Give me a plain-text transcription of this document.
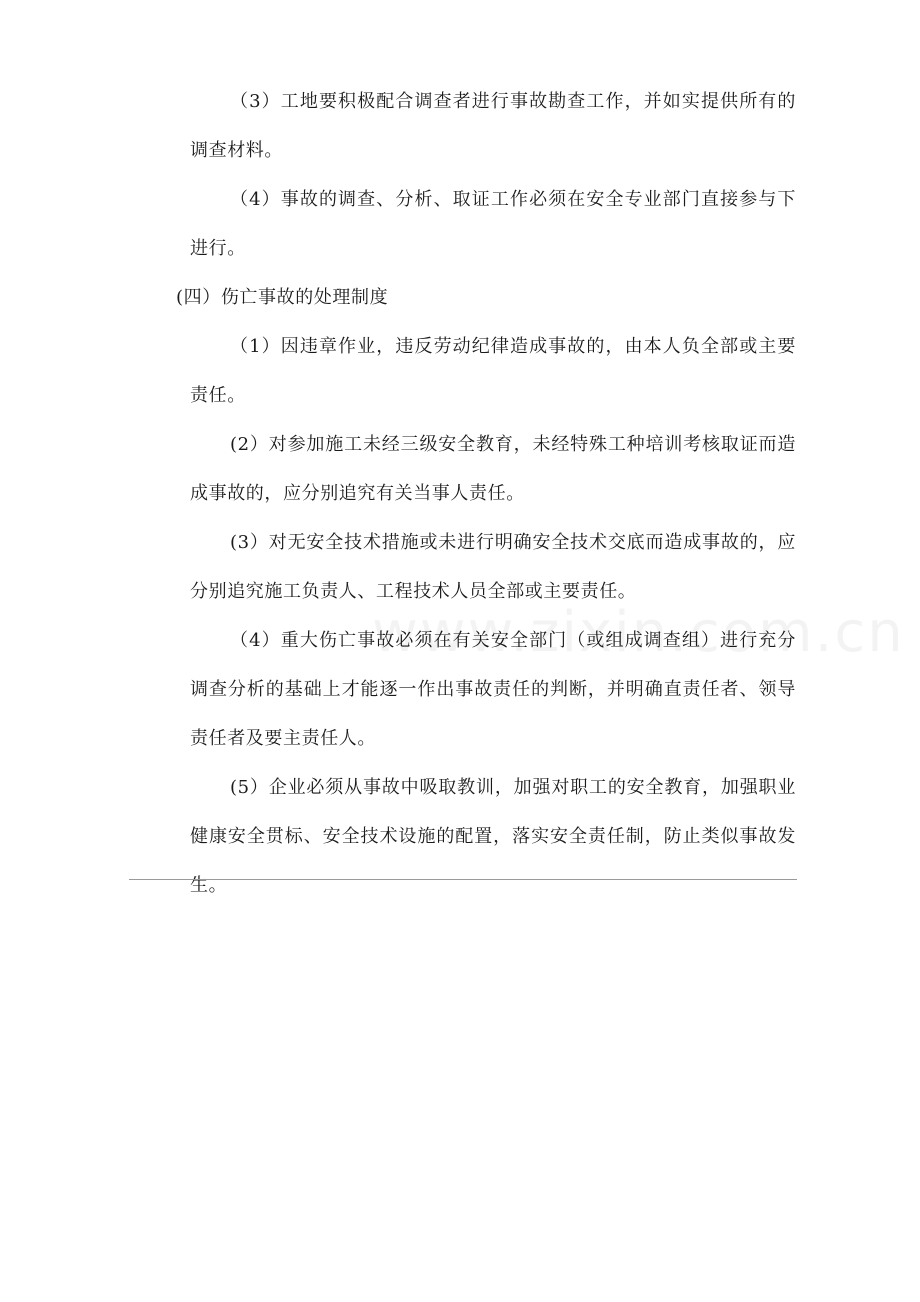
（3）工地要积极配合调查者进行事故勘查工作，并如实提供所有的调查材料。

（4）事故的调查、分析、取证工作必须在安全专业部门直接参与下进行。

(四）伤亡事故的处理制度

（1）因违章作业，违反劳动纪律造成事故的，由本人负全部或主要责任。

(2）对参加施工未经三级安全教育，未经特殊工种培训考核取证而造成事故的，应分别追究有关当事人责任。

(3）对无安全技术措施或未进行明确安全技术交底而造成事故的，应分别追究施工负责人、工程技术人员全部或主要责任。

（4）重大伤亡事故必须在有关安全部门（或组成调查组）进行充分调查分析的基础上才能逐一作出事故责任的判断，并明确直责任者、领导责任者及要主责任人。

(5）企业必须从事故中吸取教训，加强对职工的安全教育，加强职业健康安全贯标、安全技术设施的配置，落实安全责任制，防止类似事故发生。
